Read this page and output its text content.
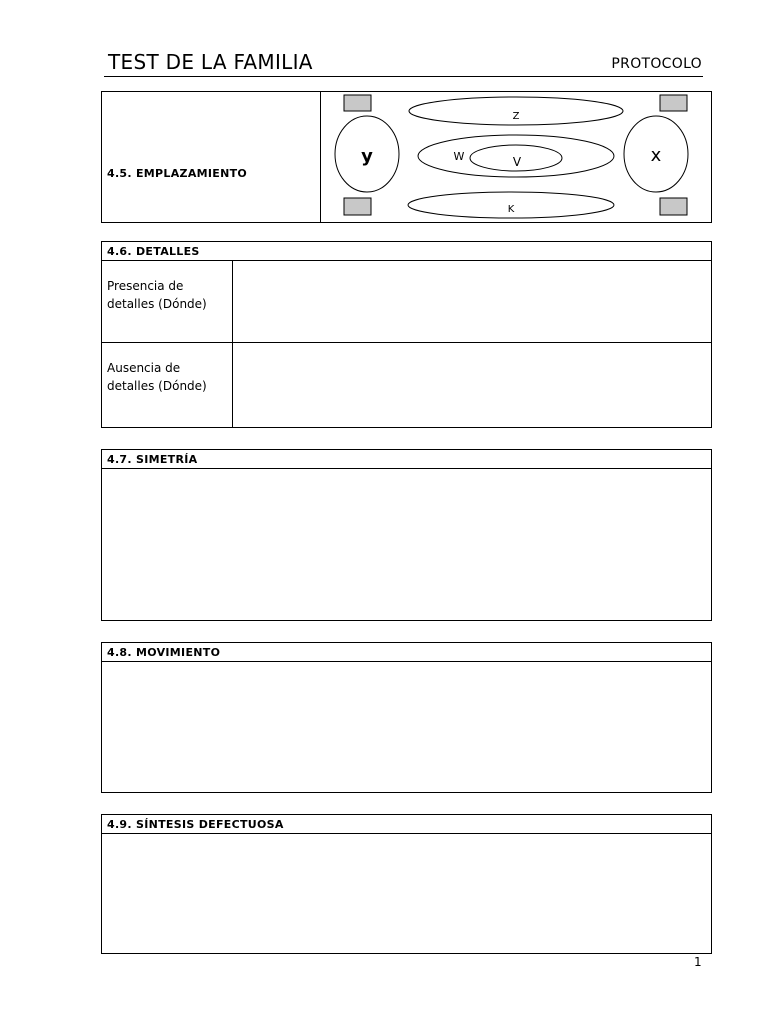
TEST DE LA FAMILIA	PROTOCOLO
4.5. EMPLAZAMIENTO
Z
y	x
W	V
K
4.6. DETALLES
Presencia de detalles (Dónde)
Ausencia de detalles (Dónde)
4.7. SIMETRÍA
4.8. MOVIMIENTO
4.9. SÍNTESIS DEFECTUOSA
1
